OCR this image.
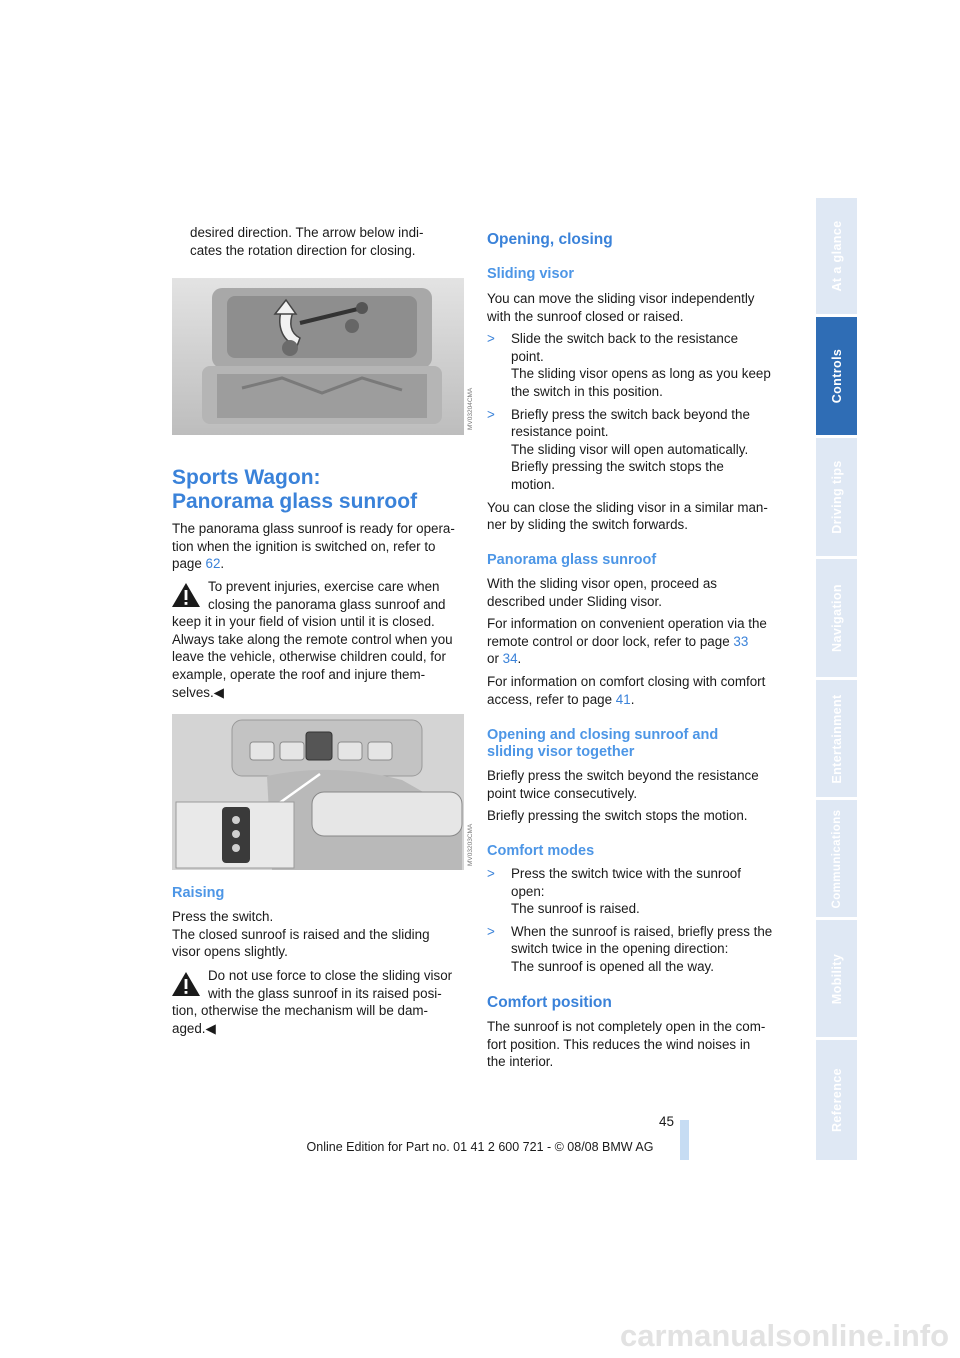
desired direction. The arrow below indi-

cates the rotation direction for closing.

MV03204CMA

Sports Wagon:

Panorama glass sunroof

The panorama glass sunroof is ready for opera-

tion when the ignition is switched on, refer to

page 62.

To prevent injuries, exercise care when

closing the panorama glass sunroof and

keep it in your field of vision until it is closed.

Always take along the remote control when you

leave the vehicle, otherwise children could, for

example, operate the roof and injure them-

selves.◀

MV03203CMA
Raising

Press the switch.

The closed sunroof is raised and the sliding

visor opens slightly.

Do not use force to close the sliding visor

with the glass sunroof in its raised posi-

tion, otherwise the mechanism will be dam-

aged.◀

Opening, closing
Sliding visor

You can move the sliding visor independently

with the sunroof closed or raised.

> Slide the switch back to the resistance

point.

The sliding visor opens as long as you keep

the switch in this position.

> Briefly press the switch back beyond the

resistance point.

The sliding visor will open automatically.

Briefly pressing the switch stops the

motion.

You can close the sliding visor in a similar man-

ner by sliding the switch forwards.

Panorama glass sunroof

With the sliding visor open, proceed as

described under Sliding visor.

For information on convenient operation via the

remote control or door lock, refer to page 33

or 34.

For information on comfort closing with comfort

access, refer to page 41.

Opening and closing sunroof and

sliding visor together

Briefly press the switch beyond the resistance

point twice consecutively.

Briefly pressing the switch stops the motion.

Comfort modes
> Press the switch twice with the sunroof

open:

The sunroof is raised.

> When the sunroof is raised, briefly press the

switch twice in the opening direction:

The sunroof is opened all the way.

Comfort position

The sunroof is not completely open in the com-

fort position. This reduces the wind noises in

the interior.

At a glance
Controls
Driving tips
Navigation
Entertainment
Communications
Mobility
Reference
45
Online Edition for Part no. 01 41 2 600 721 - © 08/08 BMW AG
carmanualsonline.info
